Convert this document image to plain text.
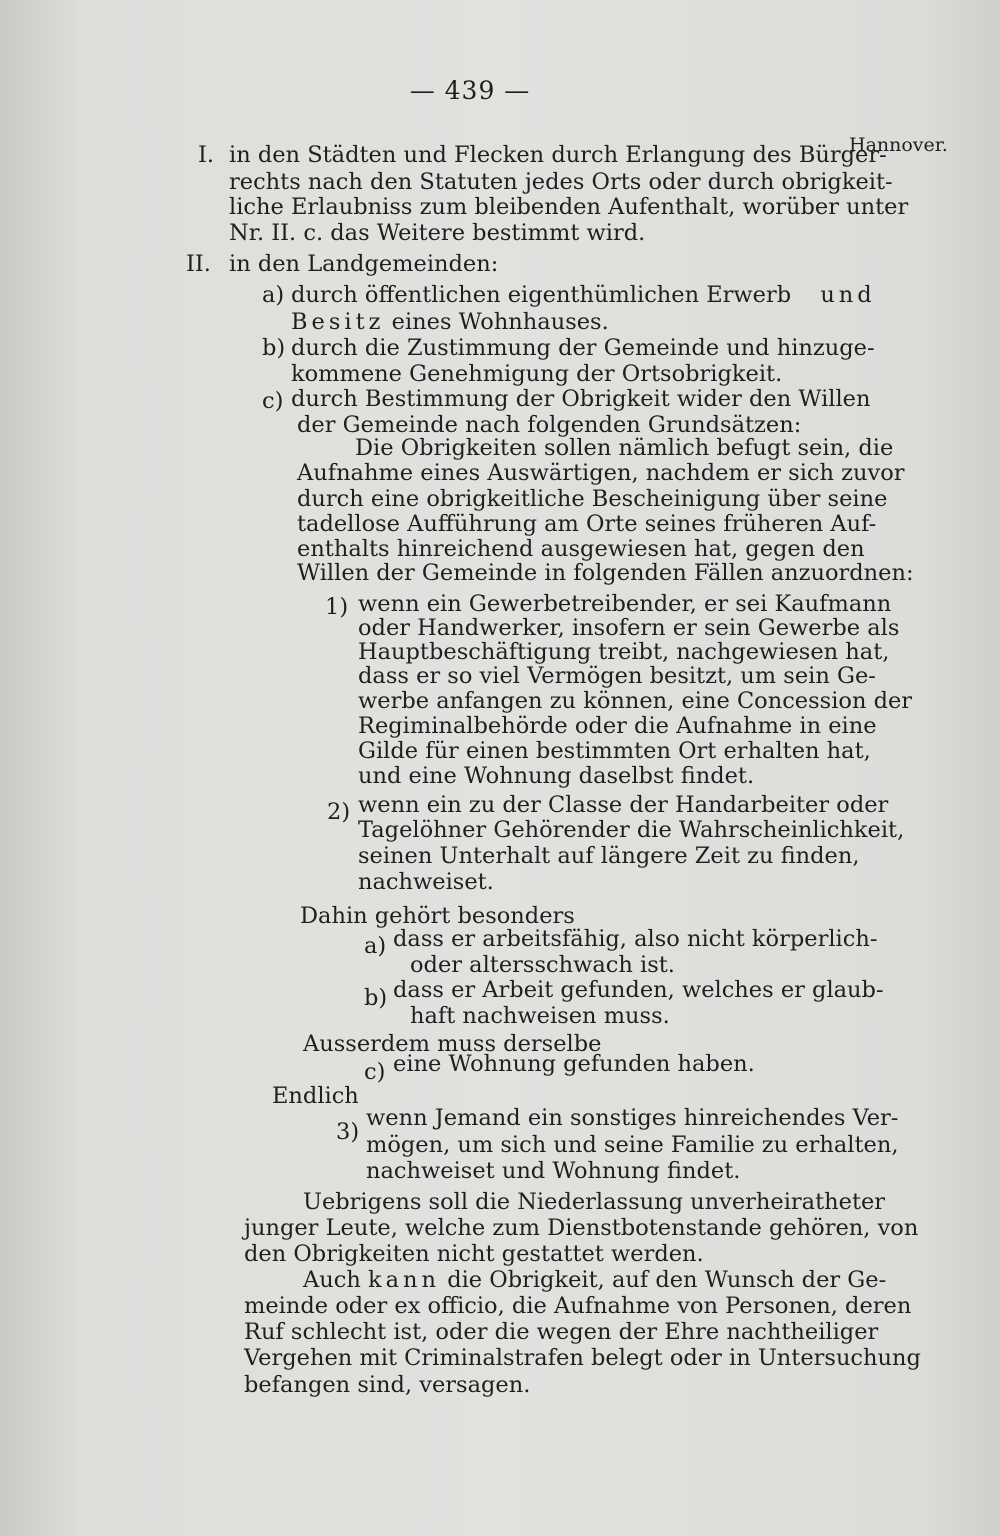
— 439 —
Hannover.
I. in den Städten und Flecken durch Erlangung des Bürger-
rechts nach den Statuten jedes Orts oder durch obrigkeit-
liche Erlaubniss zum bleibenden Aufenthalt, worüber unter
Nr. II. c. das Weitere bestimmt wird.
II. in den Landgemeinden:
a) durch öffentlichen eigenthümlichen Erwerb und
Besitz eines Wohnhauses.
b) durch die Zustimmung der Gemeinde und hinzuge-
kommene Genehmigung der Ortsobrigkeit.
c) durch Bestimmung der Obrigkeit wider den Willen
der Gemeinde nach folgenden Grundsätzen:
Die Obrigkeiten sollen nämlich befugt sein, die
Aufnahme eines Auswärtigen, nachdem er sich zuvor
durch eine obrigkeitliche Bescheinigung über seine
tadellose Aufführung am Orte seines früheren Auf-
enthalts hinreichend ausgewiesen hat, gegen den
Willen der Gemeinde in folgenden Fällen anzuordnen:
1) wenn ein Gewerbetreibender, er sei Kaufmann
oder Handwerker, insofern er sein Gewerbe als
Hauptbeschäftigung treibt, nachgewiesen hat,
dass er so viel Vermögen besitzt, um sein Ge-
werbe anfangen zu können, eine Concession der
Regiminalbehörde oder die Aufnahme in eine
Gilde für einen bestimmten Ort erhalten hat,
und eine Wohnung daselbst findet.
2) wenn ein zu der Classe der Handarbeiter oder
Tagelöhner Gehörender die Wahrscheinlichkeit,
seinen Unterhalt auf längere Zeit zu finden,
nachweiset.
Dahin gehört besonders
a) dass er arbeitsfähig, also nicht körperlich-
oder altersschwach ist.
b) dass er Arbeit gefunden, welches er glaub-
haft nachweisen muss.
Ausserdem muss derselbe
c) eine Wohnung gefunden haben.
Endlich
3)
wenn Jemand ein sonstiges hinreichendes Ver-
mögen, um sich und seine Familie zu erhalten,
nachweiset und Wohnung findet.
Uebrigens soll die Niederlassung unverheiratheter
junger Leute, welche zum Dienstbotenstande gehören, von
den Obrigkeiten nicht gestattet werden.
Auch kann die Obrigkeit, auf den Wunsch der Ge-
meinde oder ex officio, die Aufnahme von Personen, deren
Ruf schlecht ist, oder die wegen der Ehre nachtheiliger
Vergehen mit Criminalstrafen belegt oder in Untersuchung
befangen sind, versagen.
